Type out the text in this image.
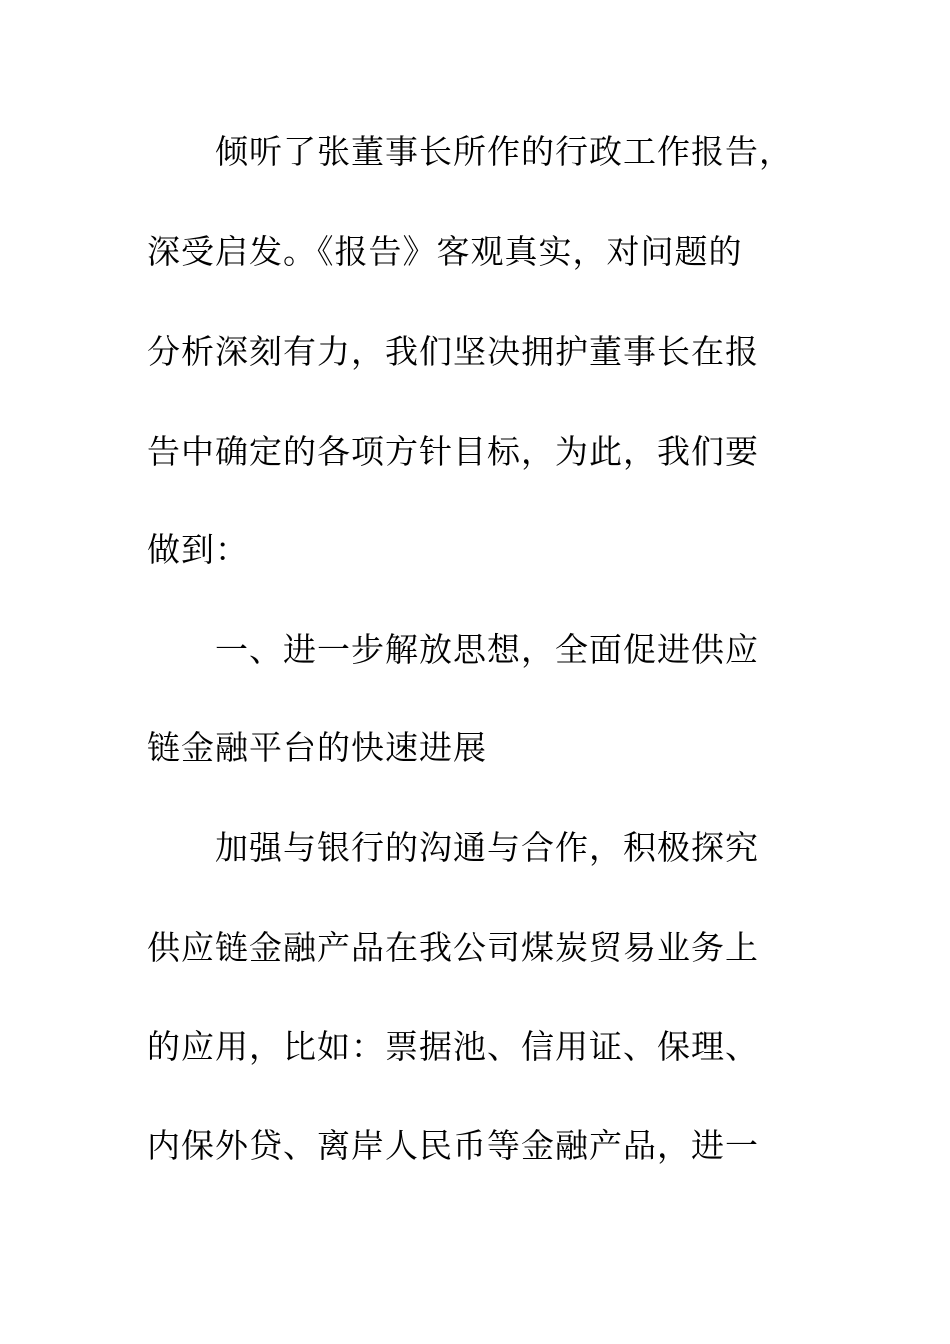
倾听了张董事长所作的行政工作报告，
深受启发。《报告》客观真实，对问题的
分析深刻有力，我们坚决拥护董事长在报
告中确定的各项方针目标，为此，我们要
做到：
一、进一步解放思想，全面促进供应
链金融平台的快速进展
加强与银行的沟通与合作，积极探究
供应链金融产品在我公司煤炭贸易业务上
的应用，比如：票据池、信用证、保理、
内保外贷、离岸人民币等金融产品，进一
